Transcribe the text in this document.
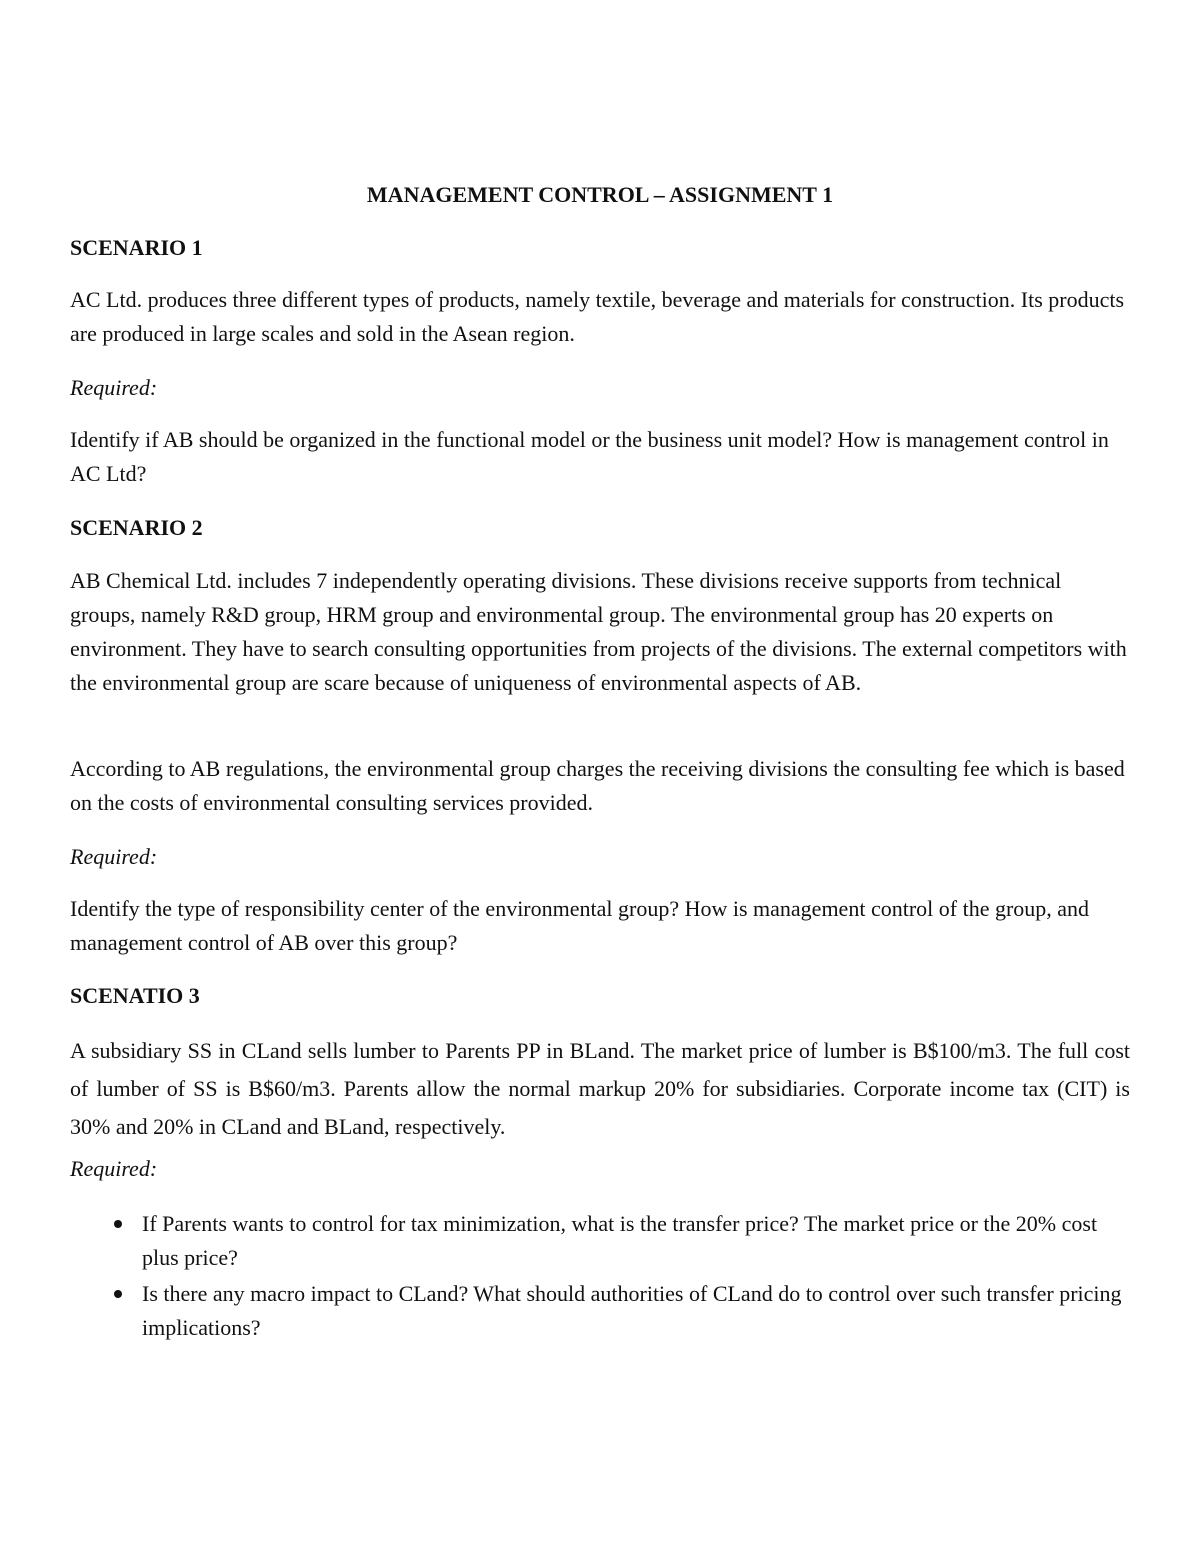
MANAGEMENT CONTROL – ASSIGNMENT 1

SCENARIO 1

AC Ltd. produces three different types of products, namely textile, beverage and materials for construction. Its products are produced in large scales and sold in the Asean region.

Required:

Identify if AB should be organized in the functional model or the business unit model? How is management control in AC Ltd?

SCENARIO 2

AB Chemical Ltd. includes 7 independently operating divisions. These divisions receive supports from technical groups, namely R&D group, HRM group and environmental group. The environmental group has 20 experts on environment. They have to search consulting opportunities from projects of the divisions. The external competitors with the environmental group are scare because of uniqueness of environmental aspects of AB.

According to AB regulations, the environmental group charges the receiving divisions the consulting fee which is based on the costs of environmental consulting services provided.

Required:

Identify the type of responsibility center of the environmental group? How is management control of the group, and management control of AB over this group?

SCENATIO 3

A subsidiary SS in CLand sells lumber to Parents PP in BLand. The market price of lumber is B$100/m3. The full cost of lumber of SS is B$60/m3. Parents allow the normal markup 20% for subsidiaries. Corporate income tax (CIT) is 30% and 20% in CLand and BLand, respectively.

Required:

If Parents wants to control for tax minimization, what is the transfer price? The market price or the 20% cost plus price?
Is there any macro impact to CLand? What should authorities of CLand do to control over such transfer pricing implications?
